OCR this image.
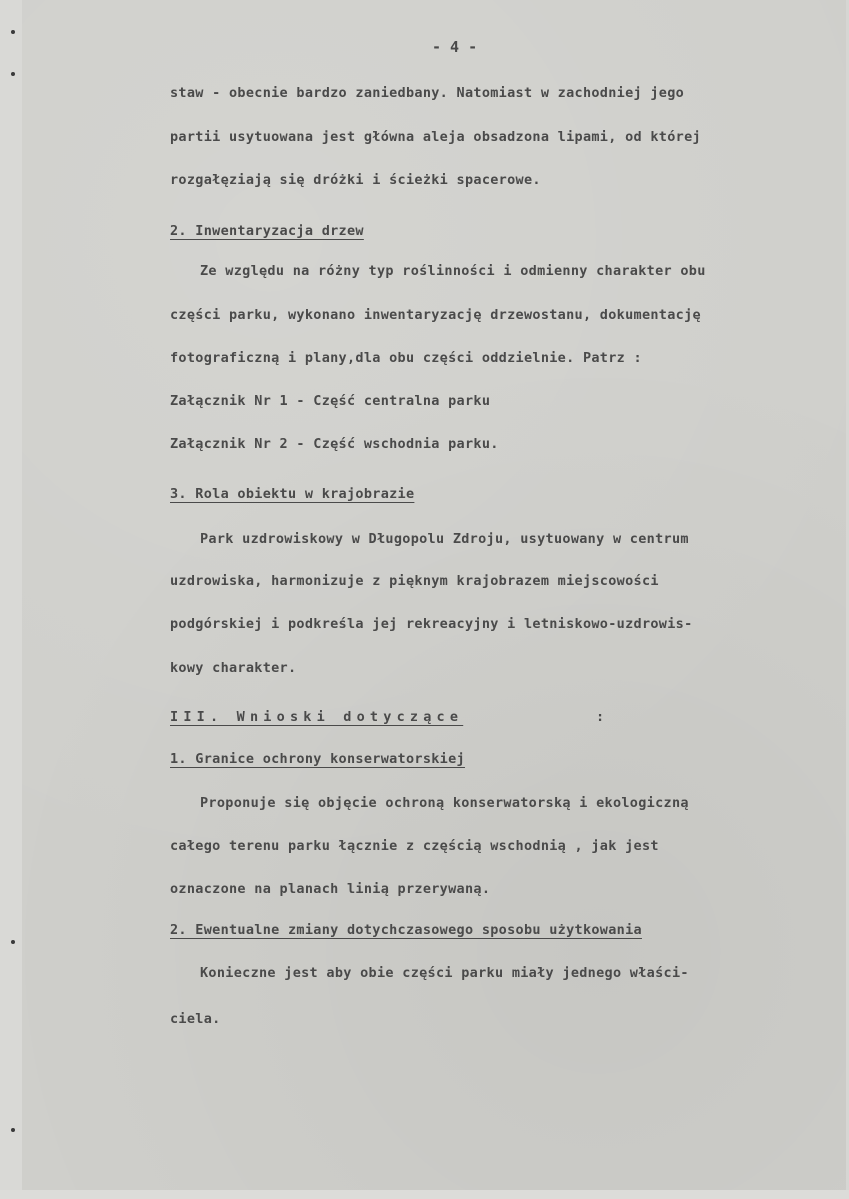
- 4 -
staw - obecnie bardzo zaniedbany. Natomiast w zachodniej jego
partii usytuowana jest główna aleja obsadzona lipami, od której
rozgałęziają się dróżki i ścieżki spacerowe.
2. Inwentaryzacja drzew
Ze względu na różny typ roślinności i odmienny charakter obu
części parku, wykonano inwentaryzację drzewostanu, dokumentację
fotograficzną i plany,dla obu części oddzielnie. Patrz :
Załącznik Nr 1 - Część centralna parku
Załącznik Nr 2 - Część wschodnia parku.
3. Rola obiektu w krajobrazie
Park uzdrowiskowy w Długopolu Zdroju, usytuowany w centrum
uzdrowiska, harmonizuje z pięknym krajobrazem miejscowości
podgórskiej i podkreśla jej rekreacyjny i letniskowo-uzdrowis-
kowy charakter.
III. Wnioski dotyczące	:
1. Granice ochrony konserwatorskiej
Proponuje się objęcie ochroną konserwatorską i ekologiczną
całego terenu parku łącznie z częścią wschodnią , jak jest
oznaczone na planach linią przerywaną.
2. Ewentualne zmiany dotychczasowego sposobu użytkowania
Konieczne jest aby obie części parku miały jednego właści-
ciela.
